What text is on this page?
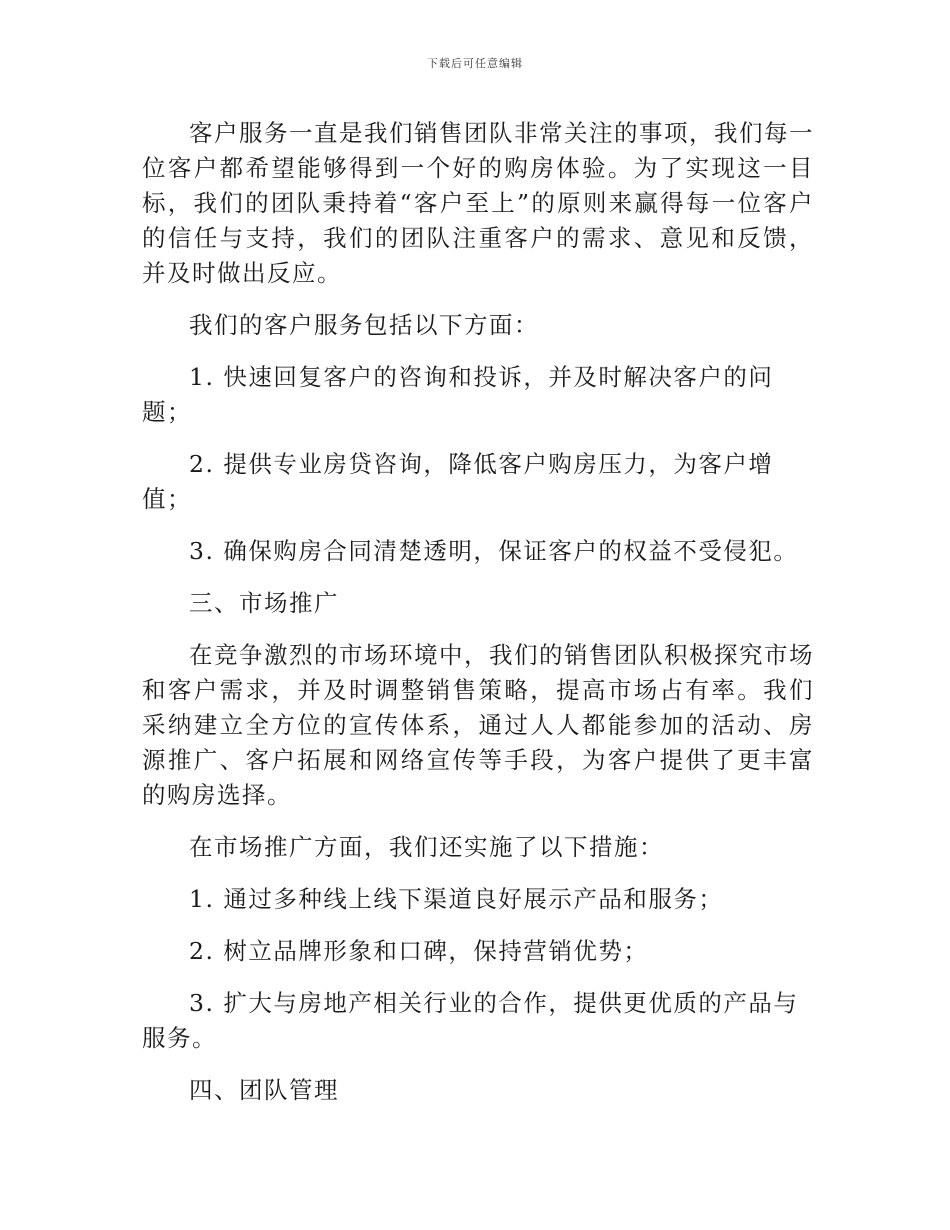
下载后可任意编辑

客户服务一直是我们销售团队非常关注的事项，我们每一位客户都希望能够得到一个好的购房体验。为了实现这一目标，我们的团队秉持着“客户至上”的原则来赢得每一位客户的信任与支持，我们的团队注重客户的需求、意见和反馈，并及时做出反应。

我们的客户服务包括以下方面：

1. 快速回复客户的咨询和投诉，并及时解决客户的问题；

2. 提供专业房贷咨询，降低客户购房压力，为客户增值；

3. 确保购房合同清楚透明，保证客户的权益不受侵犯。

三、市场推广

在竞争激烈的市场环境中，我们的销售团队积极探究市场和客户需求，并及时调整销售策略，提高市场占有率。我们采纳建立全方位的宣传体系，通过人人都能参加的活动、房源推广、客户拓展和网络宣传等手段，为客户提供了更丰富的购房选择。

在市场推广方面，我们还实施了以下措施：

1. 通过多种线上线下渠道良好展示产品和服务；

2. 树立品牌形象和口碑，保持营销优势；

3. 扩大与房地产相关行业的合作，提供更优质的产品与服务。

四、团队管理
